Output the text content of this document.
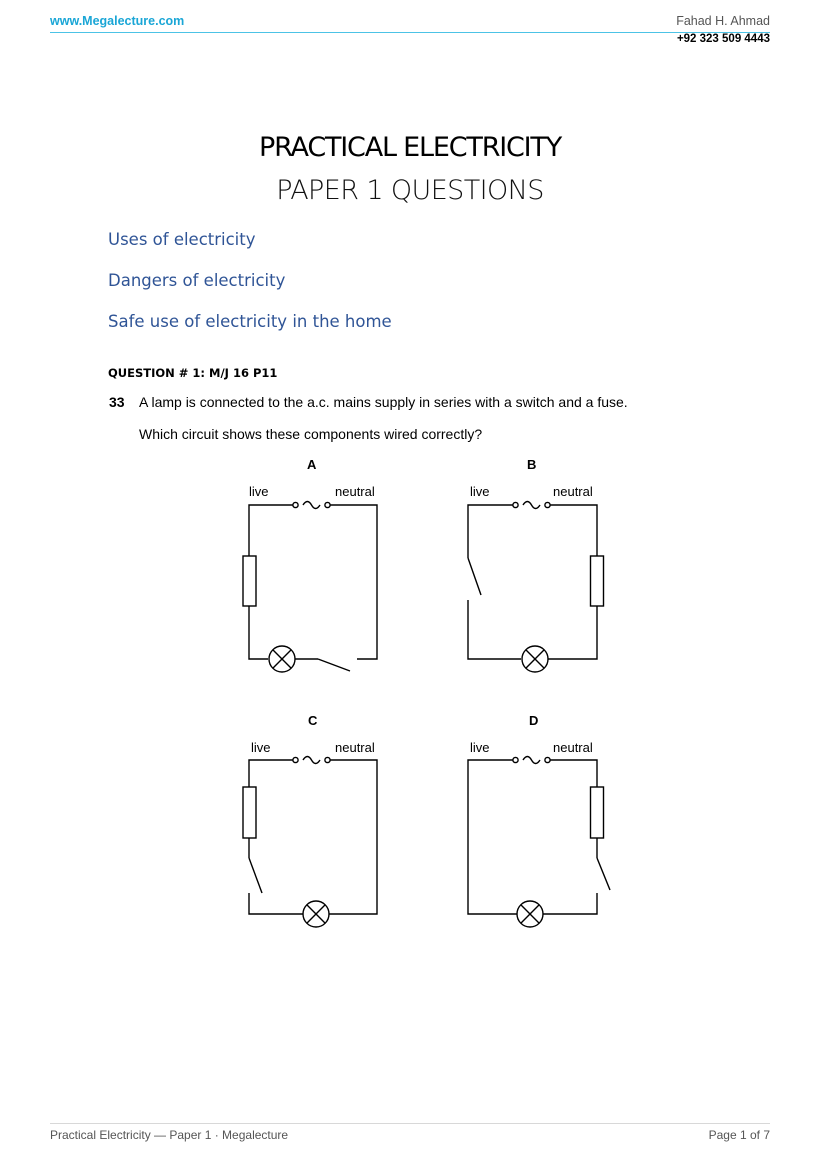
www.Megalecture.com	Fahad H. Ahmad
+92 323 509 4443
PRACTICAL ELECTRICITY
PAPER 1 QUESTIONS
Uses of electricity
Dangers of electricity
Safe use of electricity in the home
QUESTION # 1: M/J 16 P11
33 A lamp is connected to the a.c. mains supply in series with a switch and a fuse.
Which circuit shows these components wired correctly?
A
live	neutral
B
live	neutral
C
live	neutral
D
live	neutral
Practical Electricity — Paper 1 · Megalecture	Page 1 of 7
